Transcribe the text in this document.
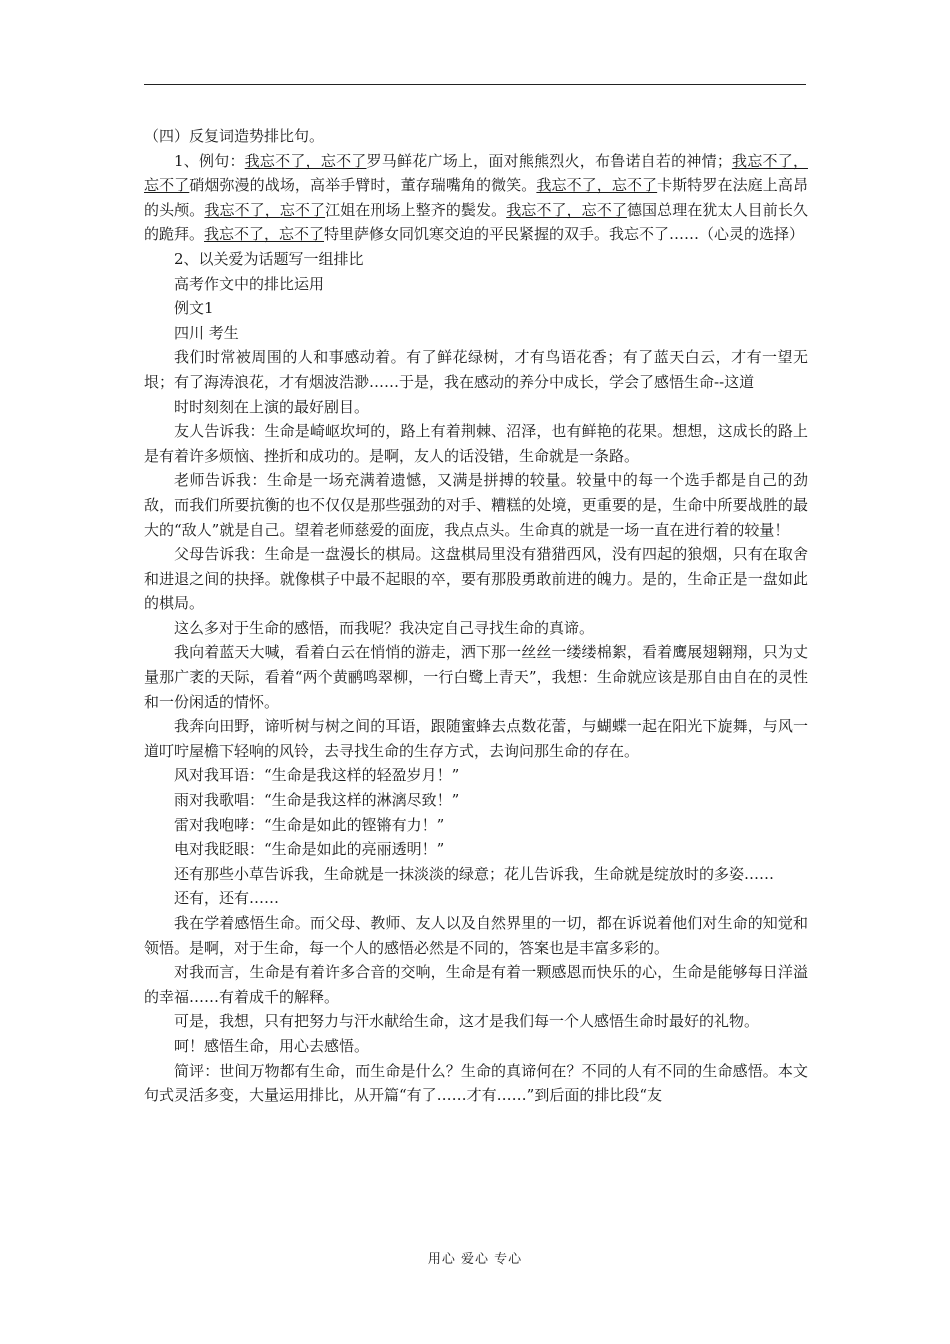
（四）反复词造势排比句。

1、例句：我忘不了，忘不了罗马鲜花广场上，面对熊熊烈火，布鲁诺自若的神情；我忘不了，忘不了硝烟弥漫的战场，高举手臂时，董存瑞嘴角的微笑。我忘不了，忘不了卡斯特罗在法庭上高昂的头颅。我忘不了，忘不了江姐在刑场上整齐的鬓发。我忘不了，忘不了德国总理在犹太人目前长久的跪拜。我忘不了，忘不了特里萨修女同饥寒交迫的平民紧握的双手。我忘不了……（心灵的选择）

2、以关爱为话题写一组排比

高考作文中的排比运用

例文1

四川 考生

我们时常被周围的人和事感动着。有了鲜花绿树，才有鸟语花香；有了蓝天白云，才有一望无垠；有了海涛浪花，才有烟波浩渺……于是，我在感动的养分中成长，学会了感悟生命--这道

时时刻刻在上演的最好剧目。

友人告诉我：生命是崎岖坎坷的，路上有着荆棘、沼泽，也有鲜艳的花果。想想，这成长的路上是有着许多烦恼、挫折和成功的。是啊，友人的话没错，生命就是一条路。

老师告诉我：生命是一场充满着遗憾，又满是拼搏的较量。较量中的每一个选手都是自己的劲敌，而我们所要抗衡的也不仅仅是那些强劲的对手、糟糕的处境，更重要的是，生命中所要战胜的最大的“敌人”就是自己。望着老师慈爱的面庞，我点点头。生命真的就是一场一直在进行着的较量！

父母告诉我：生命是一盘漫长的棋局。这盘棋局里没有猎猎西风，没有四起的狼烟，只有在取舍和进退之间的抉择。就像棋子中最不起眼的卒，要有那股勇敢前进的魄力。是的，生命正是一盘如此的棋局。

这么多对于生命的感悟，而我呢？我决定自己寻找生命的真谛。

我向着蓝天大喊，看着白云在悄悄的游走，洒下那一丝丝一缕缕棉絮，看着鹰展翅翱翔，只为丈量那广袤的天际，看着“两个黄鹂鸣翠柳，一行白鹭上青天”，我想：生命就应该是那自由自在的灵性和一份闲适的情怀。

我奔向田野，谛听树与树之间的耳语，跟随蜜蜂去点数花蕾，与蝴蝶一起在阳光下旋舞，与风一道叮咛屋檐下轻响的风铃，去寻找生命的生存方式，去询问那生命的存在。

风对我耳语：“生命是我这样的轻盈岁月！”

雨对我歌唱：“生命是我这样的淋漓尽致！”

雷对我咆哮：“生命是如此的铿锵有力！”

电对我眨眼：“生命是如此的亮丽透明！”

还有那些小草告诉我，生命就是一抹淡淡的绿意；花儿告诉我，生命就是绽放时的多姿……

还有，还有……

我在学着感悟生命。而父母、教师、友人以及自然界里的一切，都在诉说着他们对生命的知觉和领悟。是啊，对于生命，每一个人的感悟必然是不同的，答案也是丰富多彩的。

对我而言，生命是有着许多合音的交响，生命是有着一颗感恩而快乐的心，生命是能够每日洋溢的幸福……有着成千的解释。

可是，我想，只有把努力与汗水献给生命，这才是我们每一个人感悟生命时最好的礼物。

呵！感悟生命，用心去感悟。

简评：世间万物都有生命，而生命是什么？生命的真谛何在？不同的人有不同的生命感悟。本文句式灵活多变，大量运用排比，从开篇“有了……才有……”到后面的排比段“友

用心 爱心 专心
